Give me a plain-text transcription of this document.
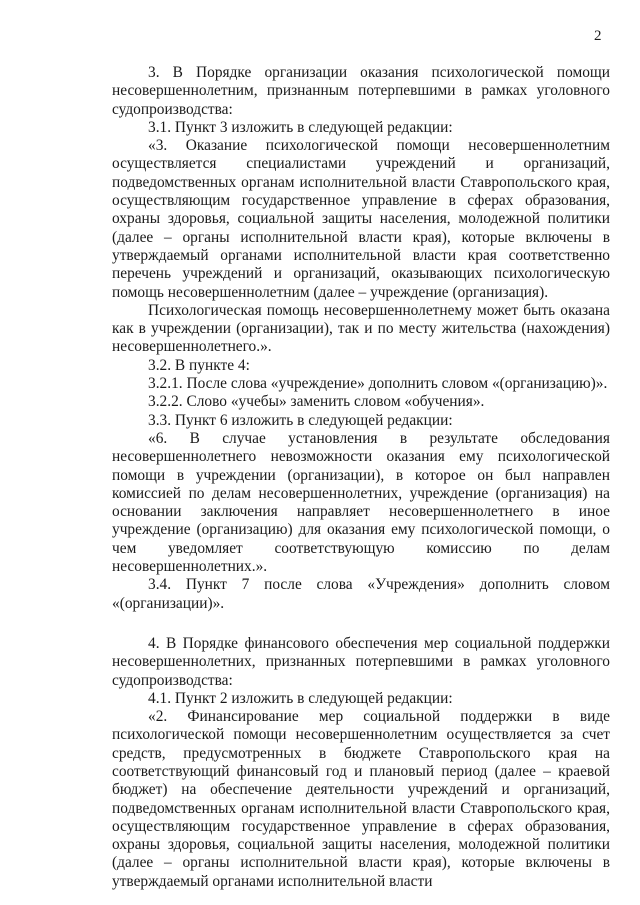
2

3. В Порядке организации оказания психологической помощи несовершеннолетним, признанным потерпевшими в рамках уголовного судопроизводства:

3.1. Пункт 3 изложить в следующей редакции:

«3. Оказание психологической помощи несовершеннолетним осуществляется специалистами учреждений и организаций, подведомственных органам исполнительной власти Ставропольского края, осуществляющим государственное управление в сферах образования, охраны здоровья, социальной защиты населения, молодежной политики (далее – органы исполнительной власти края), которые включены в утверждаемый органами исполнительной власти края соответственно перечень учреждений и организаций, оказывающих психологическую помощь несовершеннолетним (далее – учреждение (организация).

Психологическая помощь несовершеннолетнему может быть оказана как в учреждении (организации), так и по месту жительства (нахождения) несовершеннолетнего.».

3.2. В пункте 4:

3.2.1. После слова «учреждение» дополнить словом «(организацию)».

3.2.2. Слово «учебы» заменить словом «обучения».

3.3. Пункт 6 изложить в следующей редакции:

«6. В случае установления в результате обследования несовершеннолетнего невозможности оказания ему психологической помощи в учреждении (организации), в которое он был направлен комиссией по делам несовершеннолетних, учреждение (организация) на основании заключения направляет несовершеннолетнего в иное учреждение (организацию) для оказания ему психологической помощи, о чем уведомляет соответствующую комиссию по делам несовершеннолетних.».

3.4. Пункт 7 после слова «Учреждения» дополнить словом «(организации)».

4. В Порядке финансового обеспечения мер социальной поддержки несовершеннолетних, признанных потерпевшими в рамках уголовного судопроизводства:

4.1. Пункт 2 изложить в следующей редакции:

«2. Финансирование мер социальной поддержки в виде психологической помощи несовершеннолетним осуществляется за счет средств, предусмотренных в бюджете Ставропольского края на соответствующий финансовый год и плановый период (далее – краевой бюджет) на обеспечение деятельности учреждений и организаций, подведомственных органам исполнительной власти Ставропольского края, осуществляющим государственное управление в сферах образования, охраны здоровья, социальной защиты населения, молодежной политики (далее – органы исполнительной власти края), которые включены в утверждаемый органами исполнительной власти
